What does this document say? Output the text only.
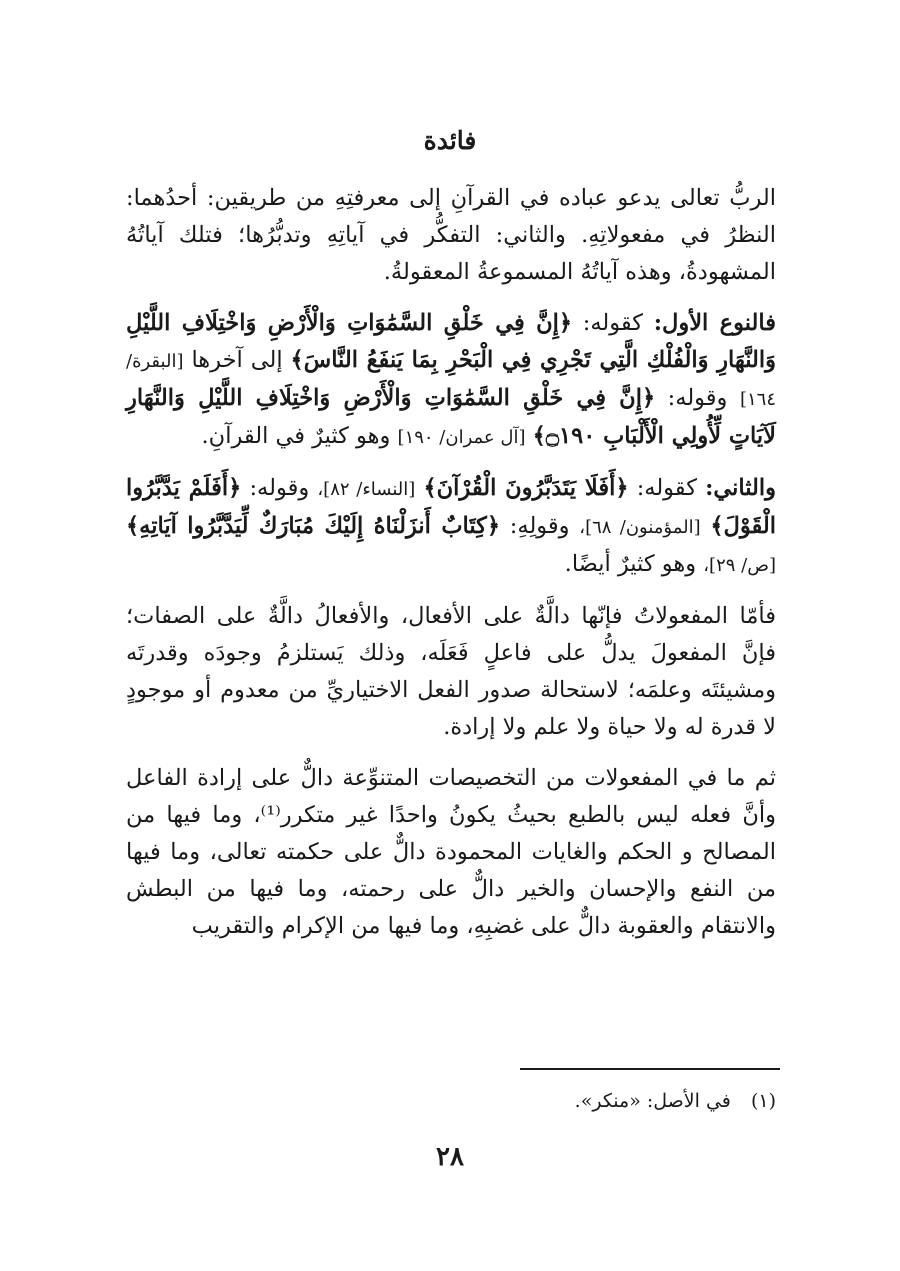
فائدة

الربُّ تعالى يدعو عباده في القرآنِ إلى معرفتِهِ من طريقين: أحدُهما: النظرُ في مفعولاتِهِ. والثاني: التفكُّر في آياتِهِ وتدبُّرُها؛ فتلك آياتُهُ المشهودةُ، وهذه آياتُهُ المسموعةُ المعقولةُ.

فالنوع الأول: كقوله: ﴿إِنَّ فِي خَلْقِ السَّمَٰوَاتِ وَالْأَرْضِ وَاخْتِلَافِ اللَّيْلِ وَالنَّهَارِ وَالْفُلْكِ الَّتِي تَجْرِي فِي الْبَحْرِ بِمَا يَنفَعُ النَّاسَ﴾ إلى آخرها [البقرة/ ١٦٤] وقوله: ﴿إِنَّ فِي خَلْقِ السَّمَٰوَاتِ وَالْأَرْضِ وَاخْتِلَافِ اللَّيْلِ وَالنَّهَارِ لَآيَاتٍ لِّأُولِي الْأَلْبَابِ ۝١٩٠﴾ [آل عمران/ ١٩٠] وهو كثيرٌ في القرآنِ.

والثاني: كقوله: ﴿أَفَلَا يَتَدَبَّرُونَ الْقُرْآنَ﴾ [النساء/ ٨٢]، وقوله: ﴿أَفَلَمْ يَدَّبَّرُوا الْقَوْلَ﴾ [المؤمنون/ ٦٨]، وقولِهِ: ﴿كِتَابٌ أَنزَلْنَاهُ إِلَيْكَ مُبَارَكٌ لِّيَدَّبَّرُوا آيَاتِهِ﴾ [ص/ ٢٩]، وهو كثيرٌ أيضًا.

فأمّا المفعولاتُ فإنّها دالَّةٌ على الأفعال، والأفعالُ دالَّةٌ على الصفات؛ فإنَّ المفعولَ يدلُّ على فاعلٍ فَعَلَه، وذلك يَستلزمُ وجودَه وقدرتَه ومشيئتَه وعلمَه؛ لاستحالة صدور الفعل الاختياريِّ من معدوم أو موجودٍ لا قدرة له ولا حياة ولا علم ولا إرادة.

ثم ما في المفعولات من التخصيصات المتنوِّعة دالٌّ على إرادة الفاعل وأنَّ فعله ليس بالطبع بحيثُ يكونُ واحدًا غير متكرر⁽¹⁾، وما فيها من المصالح و الحكم والغايات المحمودة دالٌّ على حكمته تعالى، وما فيها من النفع والإحسان والخير دالٌّ على رحمته، وما فيها من البطش والانتقام والعقوبة دالٌّ على غضبِهِ، وما فيها من الإكرام والتقريب

(١) في الأصل: «منكر».
٢٨
